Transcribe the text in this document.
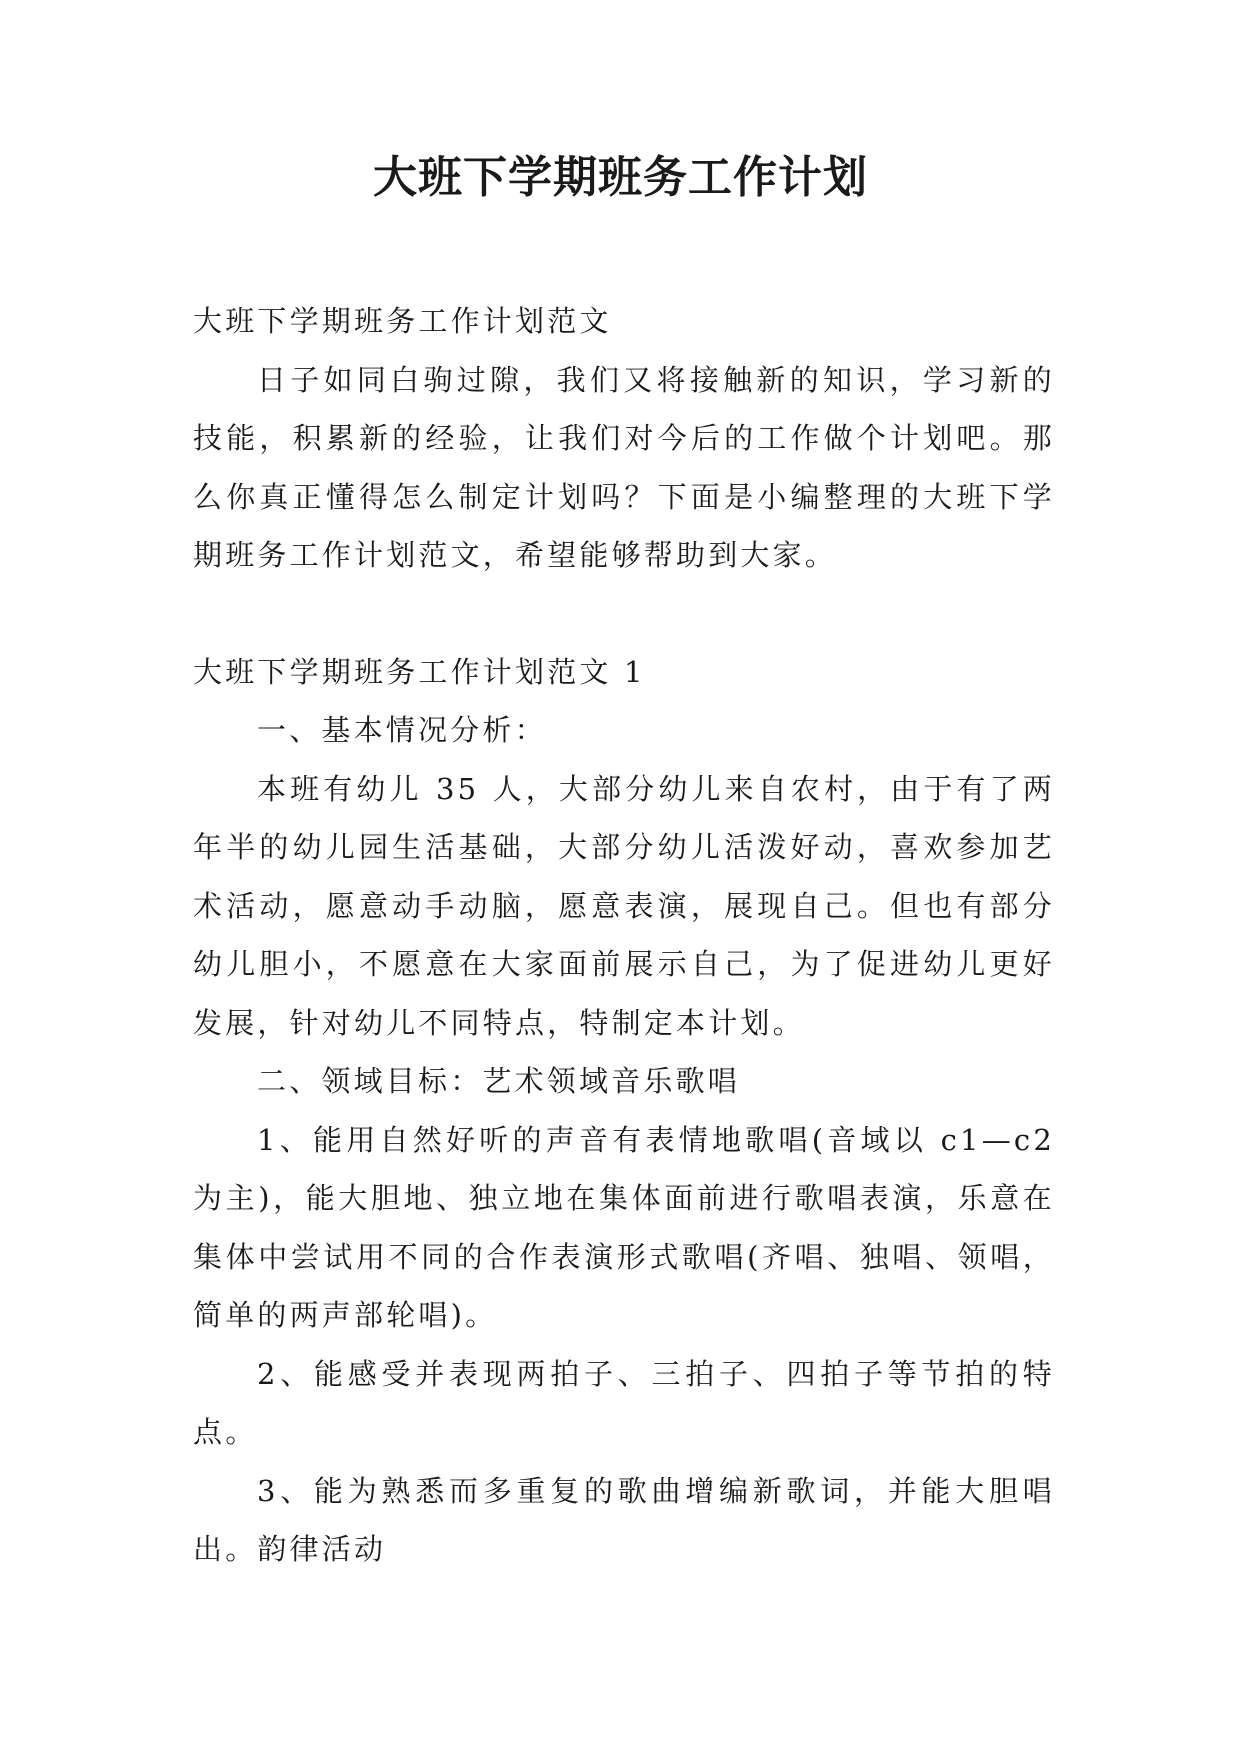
大班下学期班务工作计划

大班下学期班务工作计划范文

日子如同白驹过隙，我们又将接触新的知识，学习新的技能，积累新的经验，让我们对今后的工作做个计划吧。那么你真正懂得怎么制定计划吗？下面是小编整理的大班下学期班务工作计划范文，希望能够帮助到大家。

大班下学期班务工作计划范文 1

一、基本情况分析：

本班有幼儿 35 人，大部分幼儿来自农村，由于有了两年半的幼儿园生活基础，大部分幼儿活泼好动，喜欢参加艺术活动，愿意动手动脑，愿意表演，展现自己。但也有部分幼儿胆小，不愿意在大家面前展示自己，为了促进幼儿更好发展，针对幼儿不同特点，特制定本计划。

二、领域目标：艺术领域音乐歌唱

1、能用自然好听的声音有表情地歌唱(音域以 c1—c2 为主)，能大胆地、独立地在集体面前进行歌唱表演，乐意在集体中尝试用不同的合作表演形式歌唱(齐唱、独唱、领唱，简单的两声部轮唱)。

2、能感受并表现两拍子、三拍子、四拍子等节拍的特点。

3、能为熟悉而多重复的歌曲增编新歌词，并能大胆唱出。韵律活动
